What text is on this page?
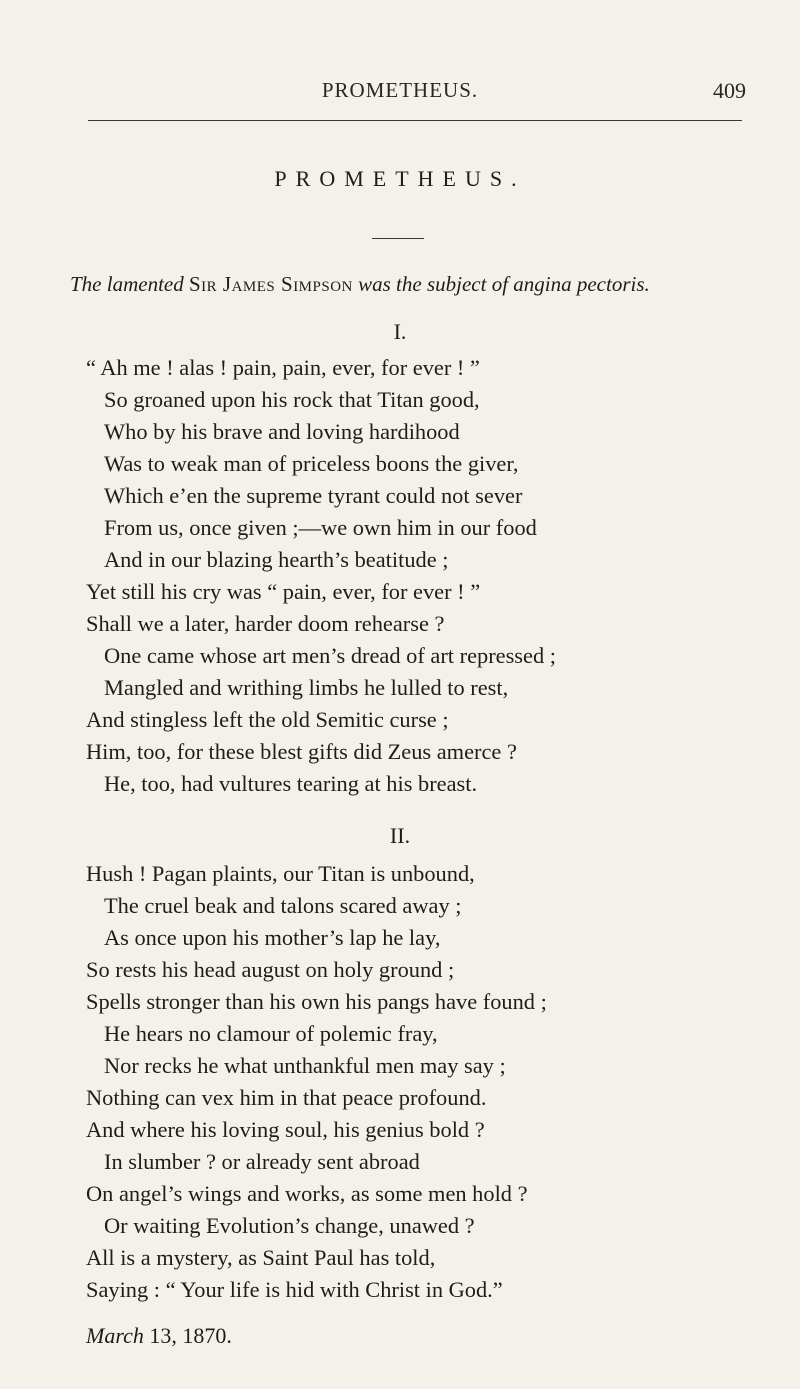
PROMETHEUS.	409
PROMETHEUS.
The lamented Sir James Simpson was the subject of angina pectoris.
I.
“ Ah me ! alas ! pain, pain, ever, for ever ! ”
So groaned upon his rock that Titan good,
Who by his brave and loving hardihood
Was to weak man of priceless boons the giver,
Which e’en the supreme tyrant could not sever
From us, once given ;—we own him in our food
And in our blazing hearth’s beatitude ;
Yet still his cry was “ pain, ever, for ever ! ”
Shall we a later, harder doom rehearse ?
One came whose art men’s dread of art repressed ;
Mangled and writhing limbs he lulled to rest,
And stingless left the old Semitic curse ;
Him, too, for these blest gifts did Zeus amerce ?
He, too, had vultures tearing at his breast.
II.
Hush ! Pagan plaints, our Titan is unbound,
The cruel beak and talons scared away ;
As once upon his mother’s lap he lay,
So rests his head august on holy ground ;
Spells stronger than his own his pangs have found ;
He hears no clamour of polemic fray,
Nor recks he what unthankful men may say ;
Nothing can vex him in that peace profound.
And where his loving soul, his genius bold ?
In slumber ? or already sent abroad
On angel’s wings and works, as some men hold ?
Or waiting Evolution’s change, unawed ?
All is a mystery, as Saint Paul has told,
Saying : “ Your life is hid with Christ in God.”
March 13, 1870.
